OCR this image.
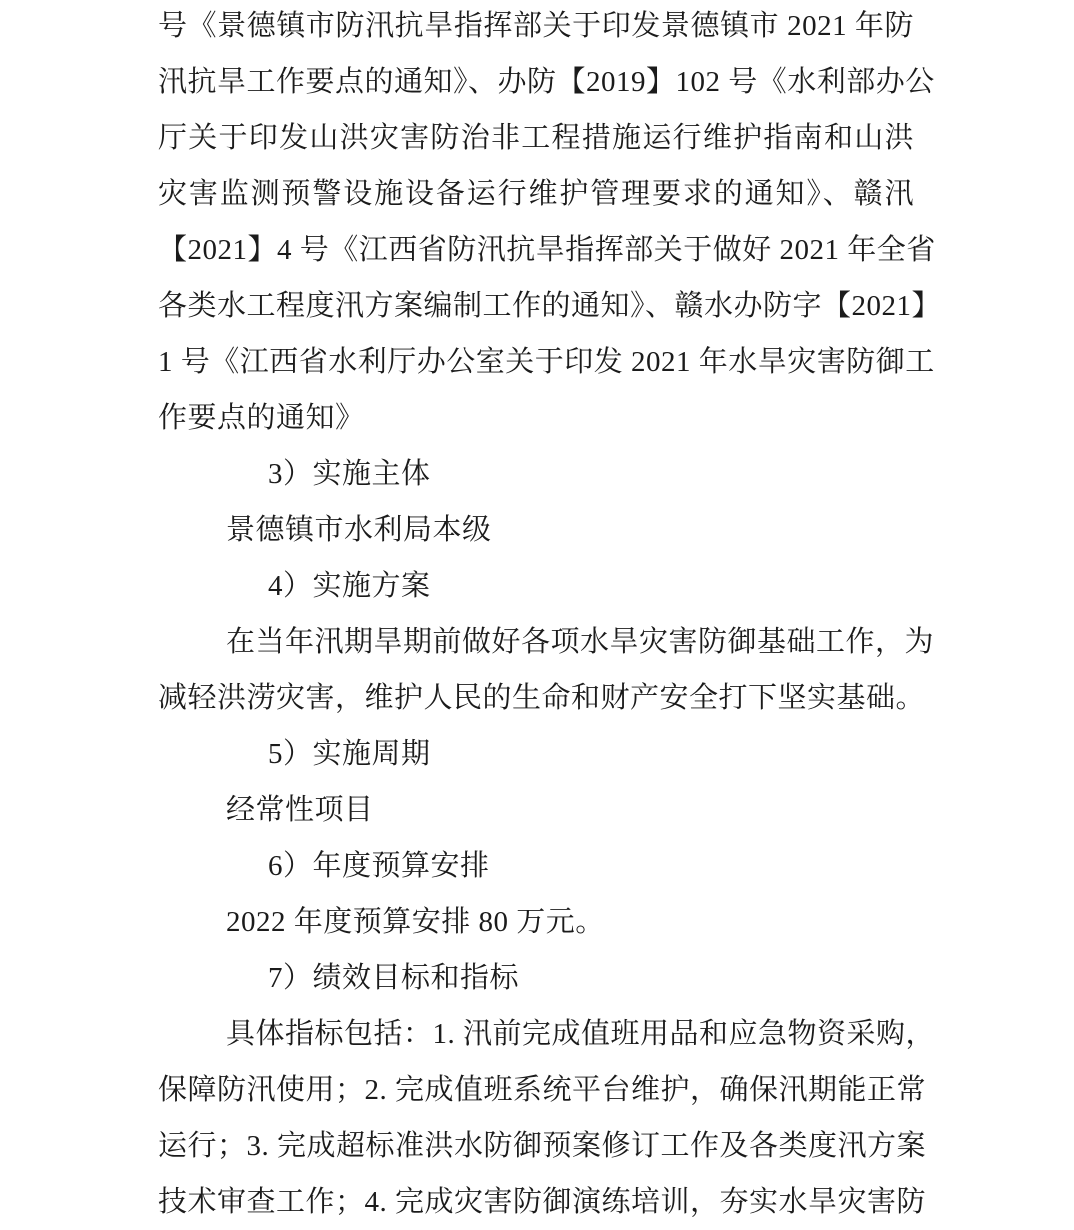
号《景德镇市防汛抗旱指挥部关于印发景德镇市 2021 年防
汛抗旱工作要点的通知》、办防【2019】102 号《水利部办公
厅关于印发山洪灾害防治非工程措施运行维护指南和山洪
灾害监测预警设施设备运行维护管理要求的通知》、赣汛
【2021】4 号《江西省防汛抗旱指挥部关于做好 2021 年全省
各类水工程度汛方案编制工作的通知》、赣水办防字【2021】
1 号《江西省水利厅办公室关于印发 2021 年水旱灾害防御工
作要点的通知》
3）实施主体
景德镇市水利局本级
4）实施方案
在当年汛期旱期前做好各项水旱灾害防御基础工作，为
减轻洪涝灾害，维护人民的生命和财产安全打下坚实基础。
5）实施周期
经常性项目
6）年度预算安排
2022 年度预算安排 80 万元。
7）绩效目标和指标
具体指标包括：1. 汛前完成值班用品和应急物资采购，
保障防汛使用；2. 完成值班系统平台维护，确保汛期能正常
运行；3. 完成超标准洪水防御预案修订工作及各类度汛方案
技术审查工作；4. 完成灾害防御演练培训，夯实水旱灾害防
